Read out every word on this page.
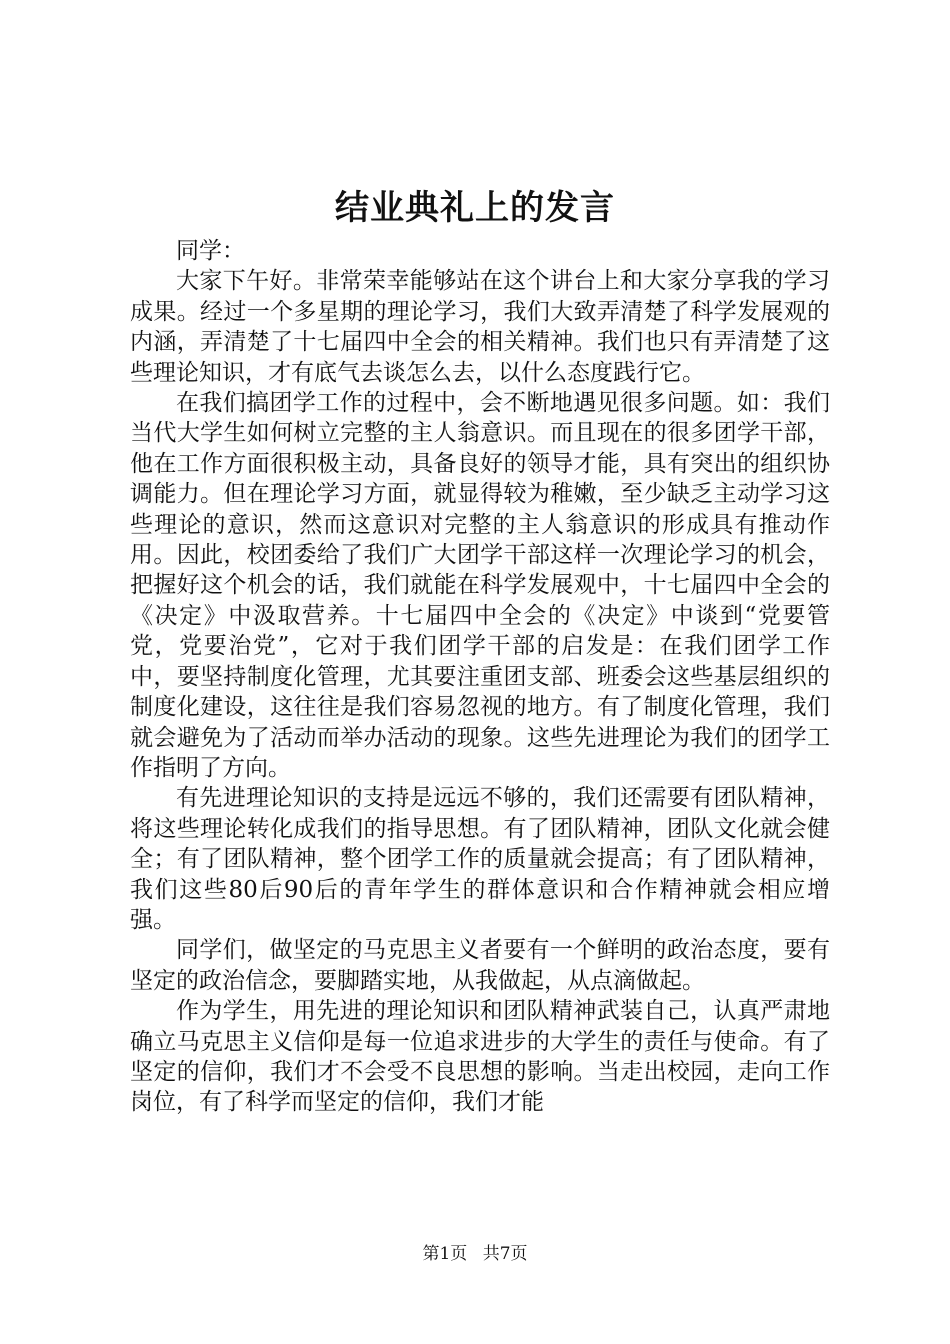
结业典礼上的发言

同学：

大家下午好。非常荣幸能够站在这个讲台上和大家分享我的学习成果。经过一个多星期的理论学习，我们大致弄清楚了科学发展观的内涵，弄清楚了十七届四中全会的相关精神。我们也只有弄清楚了这些理论知识，才有底气去谈怎么去，以什么态度践行它。

在我们搞团学工作的过程中，会不断地遇见很多问题。如：我们当代大学生如何树立完整的主人翁意识。而且现在的很多团学干部，他在工作方面很积极主动，具备良好的领导才能，具有突出的组织协调能力。但在理论学习方面，就显得较为稚嫩，至少缺乏主动学习这些理论的意识，然而这意识对完整的主人翁意识的形成具有推动作用。因此，校团委给了我们广大团学干部这样一次理论学习的机会，把握好这个机会的话，我们就能在科学发展观中，十七届四中全会的《决定》中汲取营养。十七届四中全会的《决定》中谈到“党要管党，党要治党”，它对于我们团学干部的启发是：在我们团学工作中，要坚持制度化管理，尤其要注重团支部、班委会这些基层组织的制度化建设，这往往是我们容易忽视的地方。有了制度化管理，我们就会避免为了活动而举办活动的现象。这些先进理论为我们的团学工作指明了方向。

有先进理论知识的支持是远远不够的，我们还需要有团队精神，将这些理论转化成我们的指导思想。有了团队精神，团队文化就会健全；有了团队精神，整个团学工作的质量就会提高；有了团队精神，我们这些80后90后的青年学生的群体意识和合作精神就会相应增强。

同学们，做坚定的马克思主义者要有一个鲜明的政治态度，要有坚定的政治信念，要脚踏实地，从我做起，从点滴做起。

作为学生，用先进的理论知识和团队精神武装自己，认真严肃地确立马克思主义信仰是每一位追求进步的大学生的责任与使命。有了坚定的信仰，我们才不会受不良思想的影响。当走出校园，走向工作岗位，有了科学而坚定的信仰，我们才能

第1页 共7页
